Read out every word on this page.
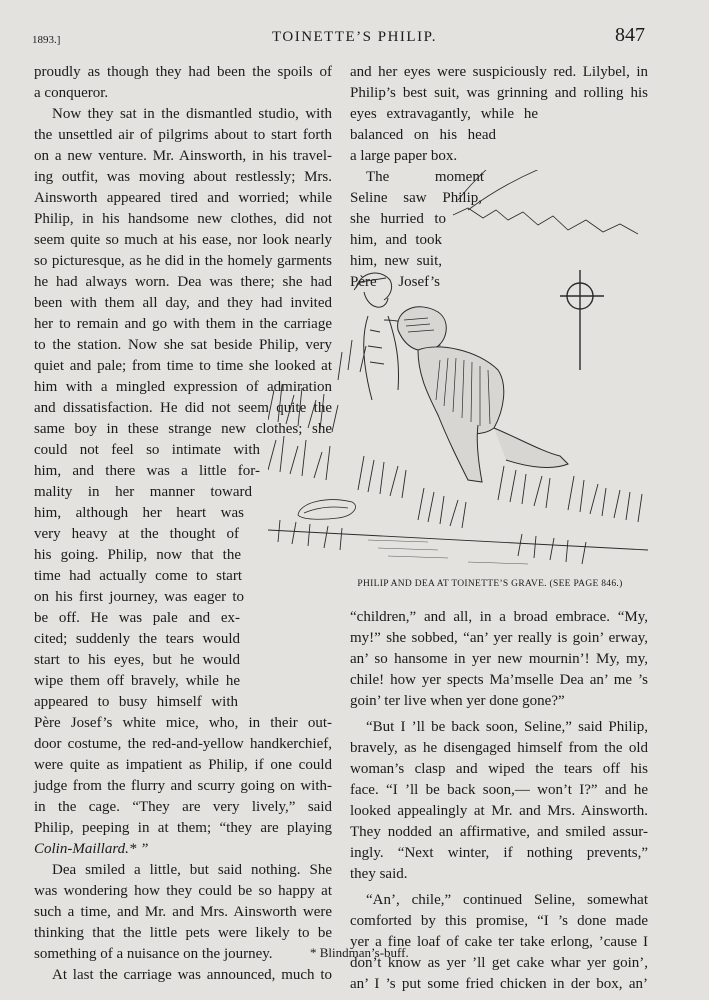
1893.]	TOINETTE’S PHILIP.	847
proudly as though they had been the spoils of
a conqueror.
Now they sat in the dismantled studio, with
the unsettled air of pilgrims about to start forth
on a new venture. Mr. Ainsworth, in his travel-
ing outfit, was moving about restlessly; Mrs.
Ainsworth appeared tired and worried; while
Philip, in his handsome new clothes, did not
seem quite so much at his ease, nor look nearly
so picturesque, as he did in the homely garments
he had always worn. Dea was there; she had
been with them all day, and they had invited
her to remain and go with them in the carriage
to the station. Now she sat beside Philip, very
quiet and pale; from time to time she looked at
him with a mingled expression of admiration
and dissatisfaction. He did not seem quite the
same boy in these strange new clothes; she
could not feel so intimate with
him, and there was a little for-
mality in her manner toward
him, although her heart was
very heavy at the thought of
his going. Philip, now that the
time had actually come to start
on his first journey, was eager to
be off. He was pale and ex-
cited; suddenly the tears would
start to his eyes, but he would
wipe them off bravely, while he
appeared to busy himself with
Père Josef’s white mice, who, in their out-
door costume, the red-and-yellow handkerchief,
were quite as impatient as Philip, if one could
judge from the flurry and scurry going on with-
in the cage. “They are very lively,” said
Philip, peeping in at them; “they are playing
Colin-Maillard.* ”
Dea smiled a little, but said nothing. She
was wondering how they could be so happy at
such a time, and Mr. and Mrs. Ainsworth were
thinking that the little pets were likely to be
something of a nuisance on the journey.
At last the carriage was announced, much to
and her eyes were suspiciously red. Lilybel, in
Philip’s best suit, was grinning and rolling his
eyes extravagantly, while he
balanced on his head
a large paper box.
The moment
Seline saw Philip,
she hurried to
him, and took
him, new suit,
Père Josef’s
“children,” and all, in a broad embrace. “My,
my!” she sobbed, “an’ yer really is goin’ erway,
an’ so hansome in yer new mournin’! My, my,
chile! how yer spects Ma’mselle Dea an’ me ’s
goin’ ter live when yer done gone?”
“But I ’ll be back soon, Seline,” said Philip,
bravely, as he disengaged himself from the old
woman’s clasp and wiped the tears off his
face. “I ’ll be back soon,— won’t I?” and he
looked appealingly at Mr. and Mrs. Ainsworth.
They nodded an affirmative, and smiled assur-
ingly. “Next winter, if nothing prevents,”
they said.
“An’, chile,” continued Seline, somewhat
comforted by this promise, “I ’s done made
yer a fine loaf of cake ter take erlong, ’cause I
don’t know as yer ’ll get cake whar yer goin’,
an’ I ’s put some fried chicken in der box, an’
PHILIP AND DEA AT TOINETTE’S GRAVE. (SEE PAGE 846.)
* Blindman’s-buff.
